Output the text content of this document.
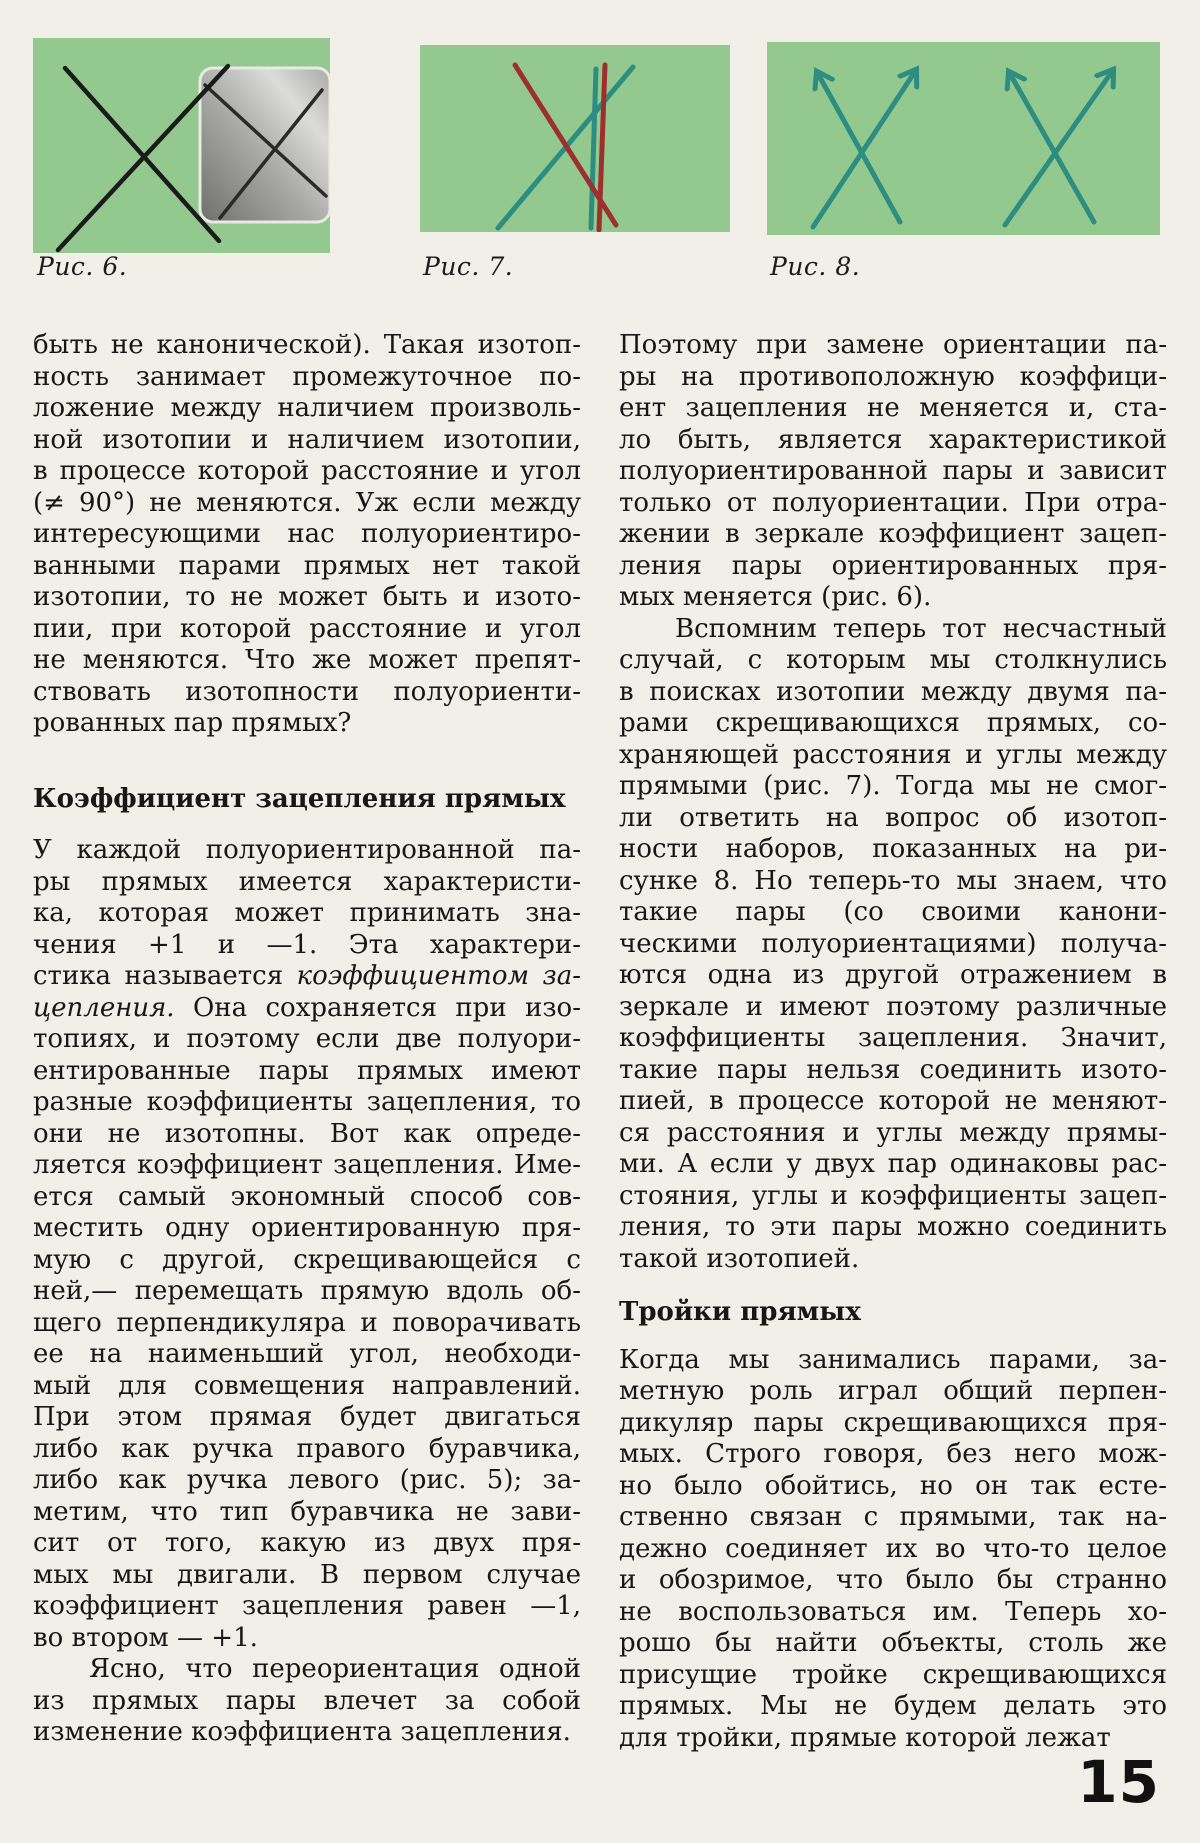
Рис. 6.	Рис. 7.	Рис. 8.
быть не канонической). Такая изотоп-
ность занимает промежуточное по-
ложение между наличием произволь-
ной изотопии и наличием изотопии,
в процессе которой расстояние и угол
(≠ 90°) не меняются. Уж если между
интересующими нас полуориентиро-
ванными парами прямых нет такой
изотопии, то не может быть и изото-
пии, при которой расстояние и угол
не меняются. Что же может препят-
ствовать изотопности полуориенти-
рованных пар прямых?
Коэффициент зацепления прямых
У каждой полуориентированной па-
ры прямых имеется характеристи-
ка, которая может принимать зна-
чения +1 и —1. Эта характери-
стика называется коэффициентом за-
цепления. Она сохраняется при изо-
топиях, и поэтому если две полуори-
ентированные пары прямых имеют
разные коэффициенты зацепления, то
они не изотопны. Вот как опреде-
ляется коэффициент зацепления. Име-
ется самый экономный способ сов-
местить одну ориентированную пря-
мую с другой, скрещивающейся с
ней,— перемещать прямую вдоль об-
щего перпендикуляра и поворачивать
ее на наименьший угол, необходи-
мый для совмещения направлений.
При этом прямая будет двигаться
либо как ручка правого буравчика,
либо как ручка левого (рис. 5); за-
метим, что тип буравчика не зави-
сит от того, какую из двух пря-
мых мы двигали. В первом случае
коэффициент зацепления равен —1,
во втором — +1.
Ясно, что переориентация одной
из прямых пары влечет за собой
изменение коэффициента зацепления.
Поэтому при замене ориентации па-
ры на противоположную коэффици-
ент зацепления не меняется и, ста-
ло быть, является характеристикой
полуориентированной пары и зависит
только от полуориентации. При отра-
жении в зеркале коэффициент зацеп-
ления пары ориентированных пря-
мых меняется (рис. 6).
Вспомним теперь тот несчастный
случай, с которым мы столкнулись
в поисках изотопии между двумя па-
рами скрещивающихся прямых, со-
храняющей расстояния и углы между
прямыми (рис. 7). Тогда мы не смог-
ли ответить на вопрос об изотоп-
ности наборов, показанных на ри-
сунке 8. Но теперь-то мы знаем, что
такие пары (со своими канони-
ческими полуориентациями) получа-
ются одна из другой отражением в
зеркале и имеют поэтому различные
коэффициенты зацепления. Значит,
такие пары нельзя соединить изото-
пией, в процессе которой не меняют-
ся расстояния и углы между прямы-
ми. А если у двух пар одинаковы рас-
стояния, углы и коэффициенты зацеп-
ления, то эти пары можно соединить
такой изотопией.
Тройки прямых
Когда мы занимались парами, за-
метную роль играл общий перпен-
дикуляр пары скрещивающихся пря-
мых. Строго говоря, без него мож-
но было обойтись, но он так есте-
ственно связан с прямыми, так на-
дежно соединяет их во что-то целое
и обозримое, что было бы странно
не воспользоваться им. Теперь хо-
рошо бы найти объекты, столь же
присущие тройке скрещивающихся
прямых. Мы не будем делать это
для тройки, прямые которой лежат
15
